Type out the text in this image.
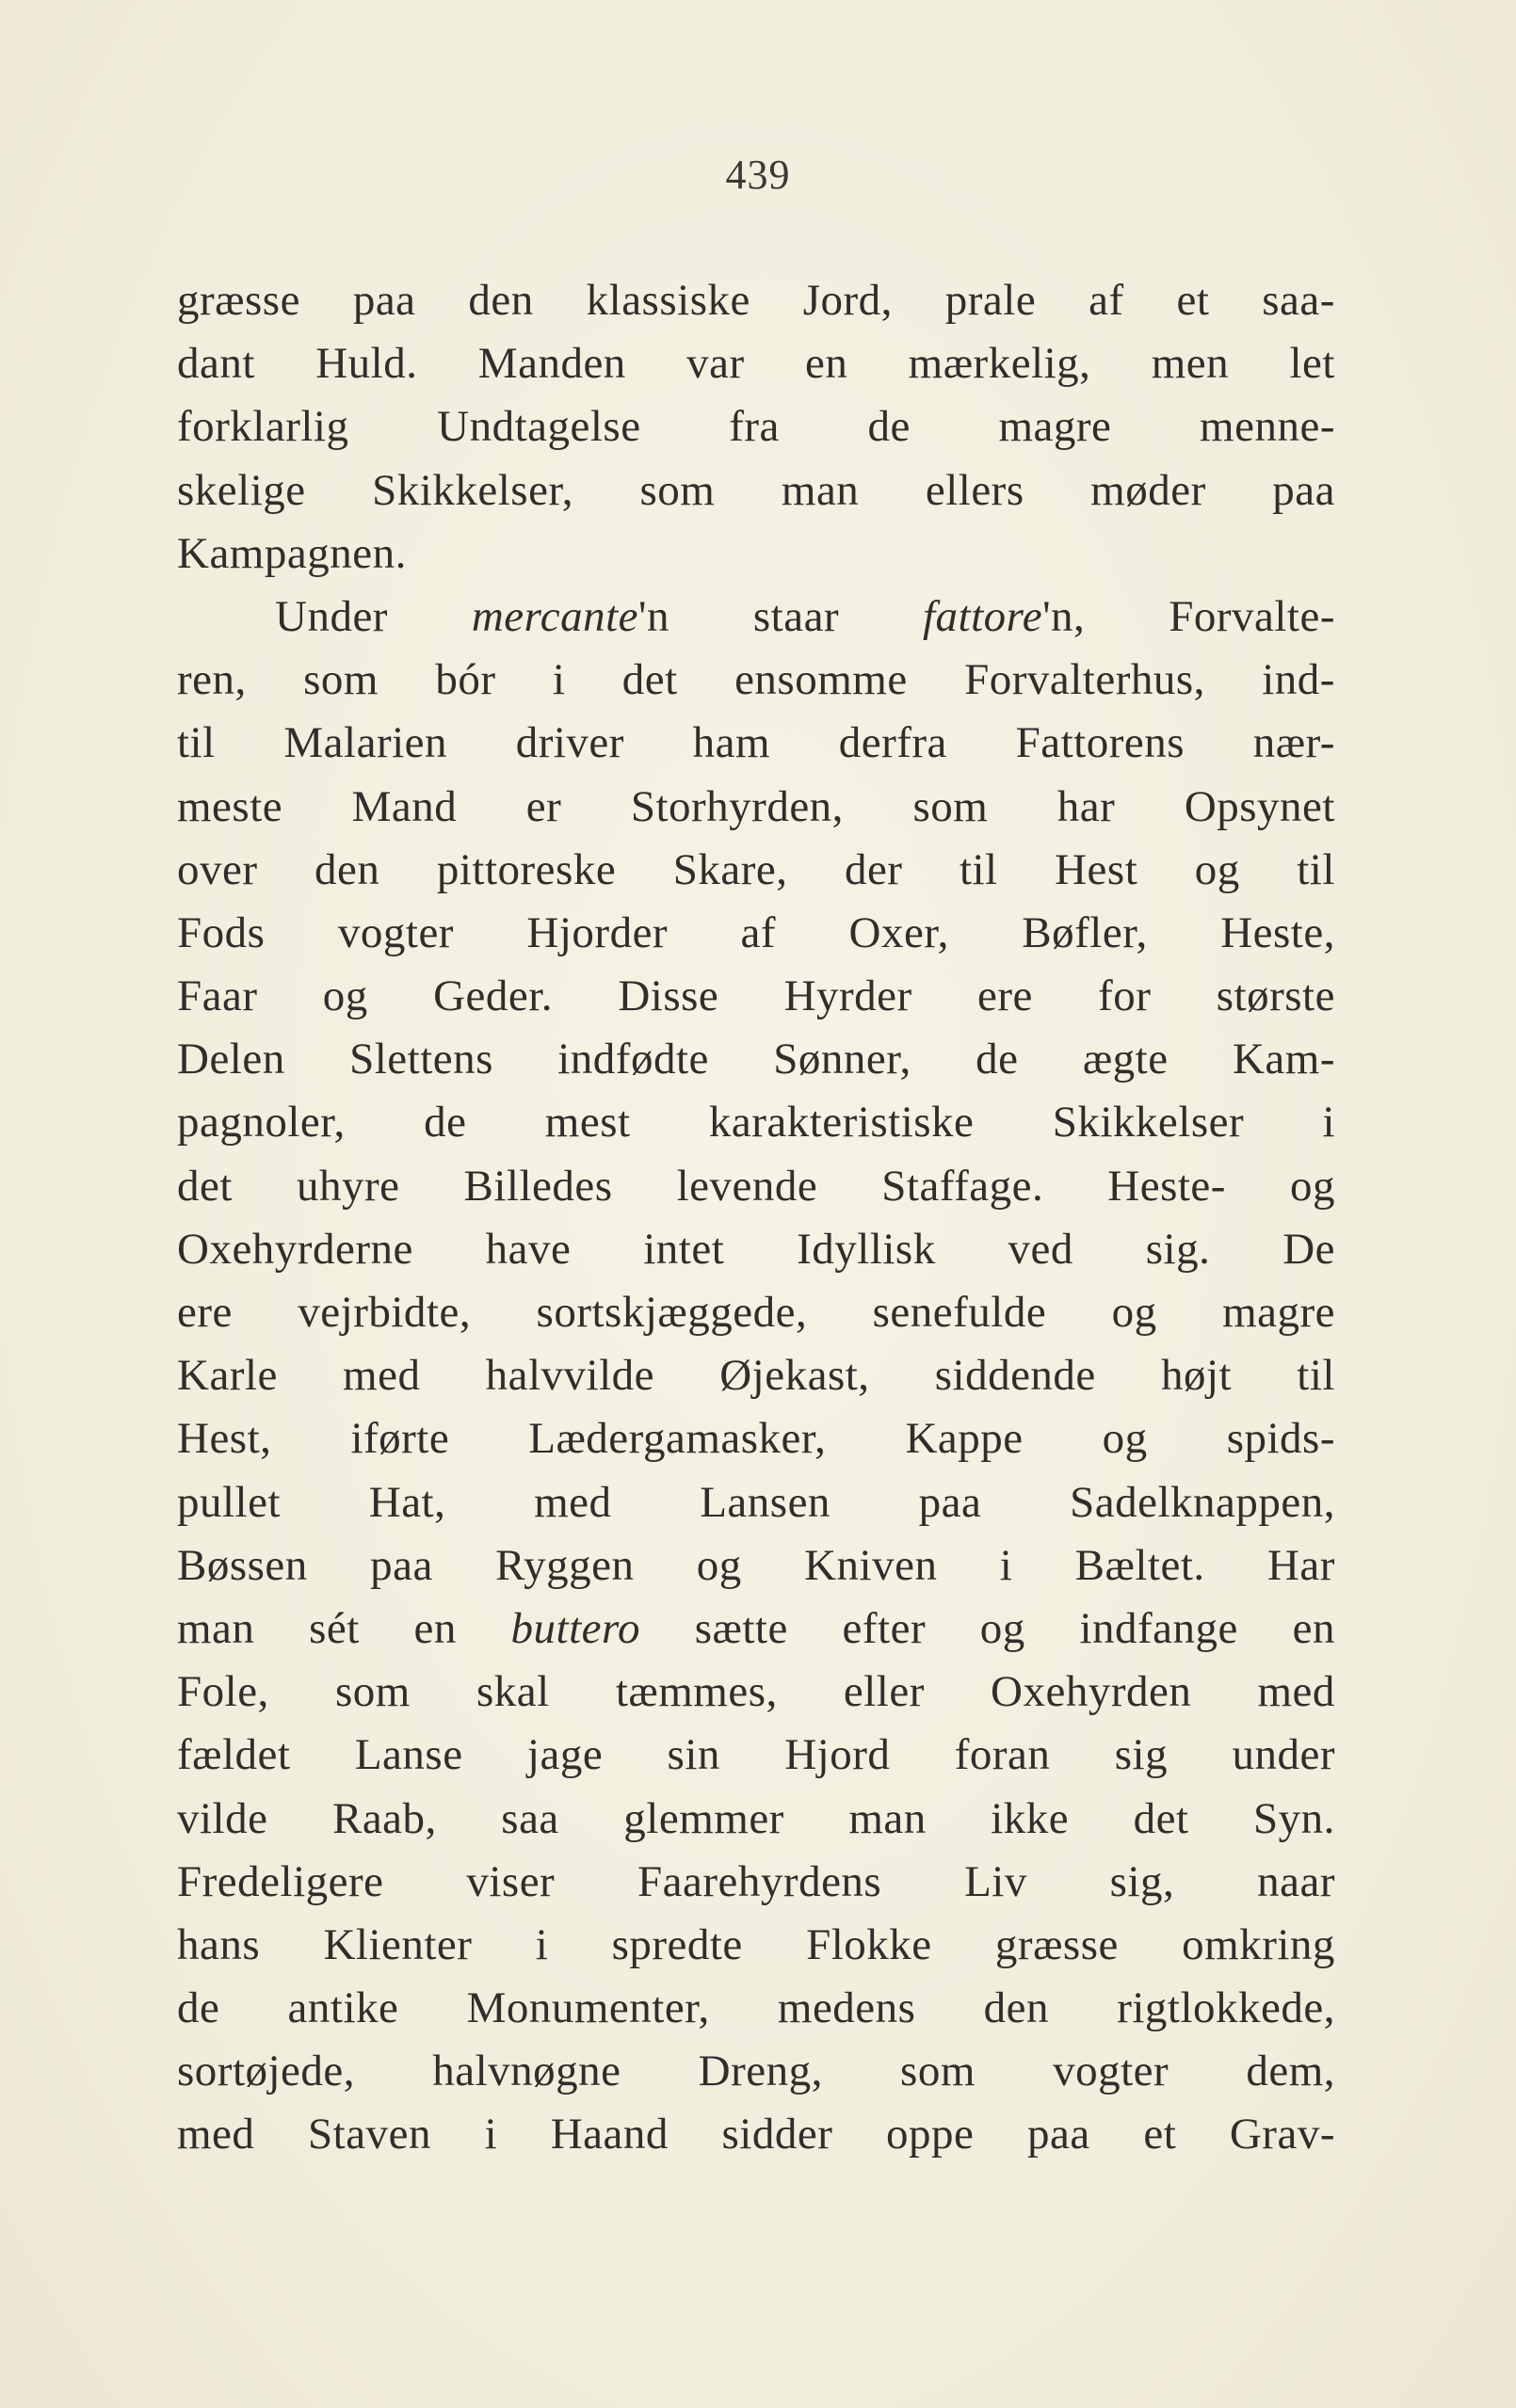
439
græsse paa den klassiske Jord, prale af et saa-
dant Huld. Manden var en mærkelig, men let
forklarlig Undtagelse fra de magre menne-
skelige Skikkelser, som man ellers møder paa
Kampagnen.
Under mercante'n staar fattore'n, Forvalte-
ren, som bór i det ensomme Forvalterhus, ind-
til Malarien driver ham derfra Fattorens nær-
meste Mand er Storhyrden, som har Opsynet
over den pittoreske Skare, der til Hest og til
Fods vogter Hjorder af Oxer, Bøfler, Heste,
Faar og Geder. Disse Hyrder ere for største
Delen Slettens indfødte Sønner, de ægte Kam-
pagnoler, de mest karakteristiske Skikkelser i
det uhyre Billedes levende Staffage. Heste- og
Oxehyrderne have intet Idyllisk ved sig. De
ere vejrbidte, sortskjæggede, senefulde og magre
Karle med halvvilde Øjekast, siddende højt til
Hest, iførte Lædergamasker, Kappe og spids-
pullet Hat, med Lansen paa Sadelknappen,
Bøssen paa Ryggen og Kniven i Bæltet. Har
man sét en buttero sætte efter og indfange en
Fole, som skal tæmmes, eller Oxehyrden med
fældet Lanse jage sin Hjord foran sig under
vilde Raab, saa glemmer man ikke det Syn.
Fredeligere viser Faarehyrdens Liv sig, naar
hans Klienter i spredte Flokke græsse omkring
de antike Monumenter, medens den rigtlokkede,
sortøjede, halvnøgne Dreng, som vogter dem,
med Staven i Haand sidder oppe paa et Grav-
